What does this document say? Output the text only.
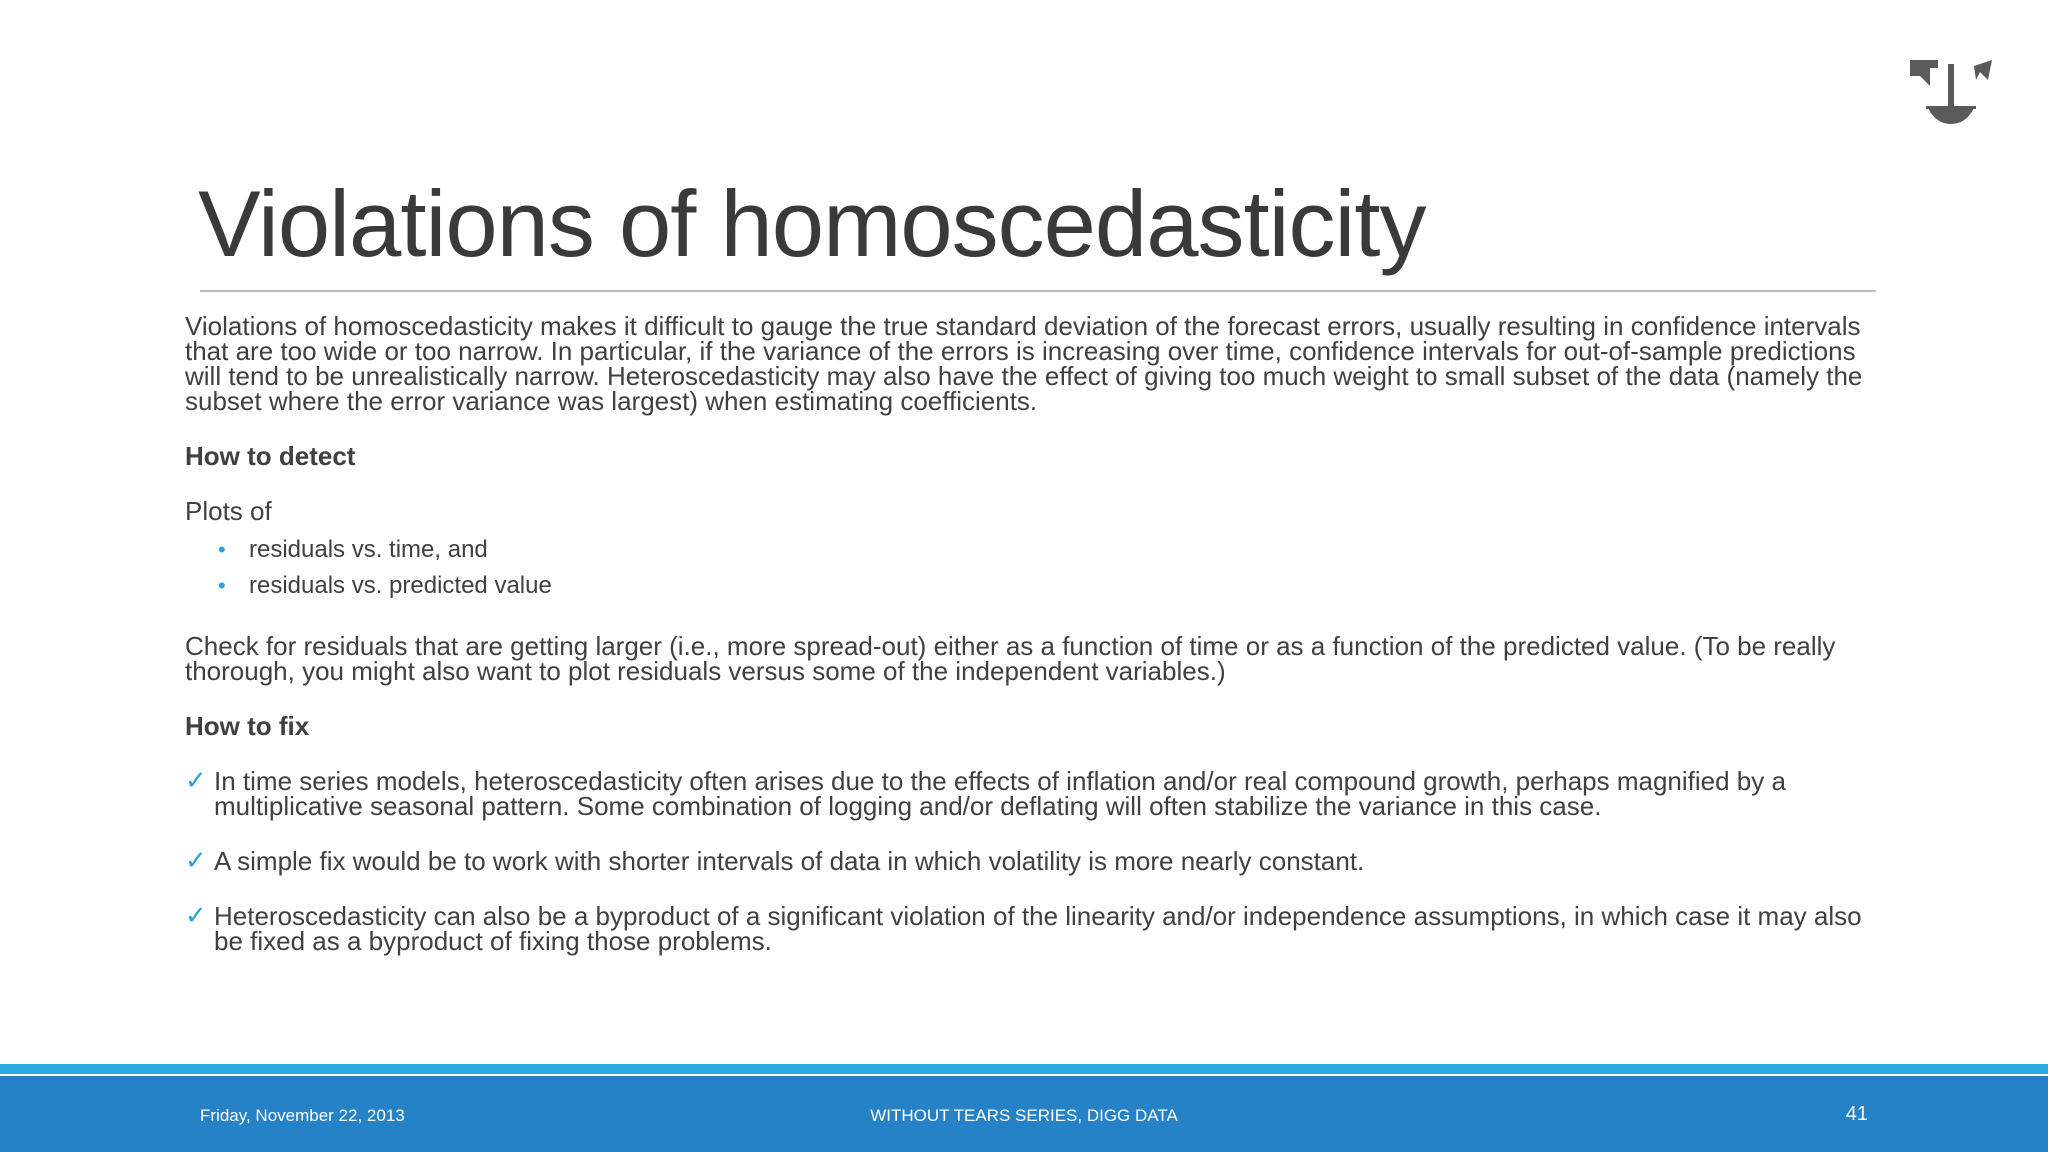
Violations of homoscedasticity

Violations of homoscedasticity makes it difficult to gauge the true standard deviation of the forecast errors, usually resulting in confidence intervals that are too wide or too narrow. In particular, if the variance of the errors is increasing over time, confidence intervals for out-of-sample predictions will tend to be unrealistically narrow. Heteroscedasticity may also have the effect of giving too much weight to small subset of the data (namely the subset where the error variance was largest) when estimating coefficients.

How to detect

Plots of

• residuals vs. time, and
• residuals vs. predicted value

Check for residuals that are getting larger (i.e., more spread-out) either as a function of time or as a function of the predicted value. (To be really thorough, you might also want to plot residuals versus some of the independent variables.)

How to fix

✓ In time series models, heteroscedasticity often arises due to the effects of inflation and/or real compound growth, perhaps magnified by a multiplicative seasonal pattern. Some combination of logging and/or deflating will often stabilize the variance in this case.

✓ A simple fix would be to work with shorter intervals of data in which volatility is more nearly constant.

✓ Heteroscedasticity can also be a byproduct of a significant violation of the linearity and/or independence assumptions, in which case it may also be fixed as a byproduct of fixing those problems.

Friday, November 22, 2013	WITHOUT TEARS SERIES, DIGG DATA	41
